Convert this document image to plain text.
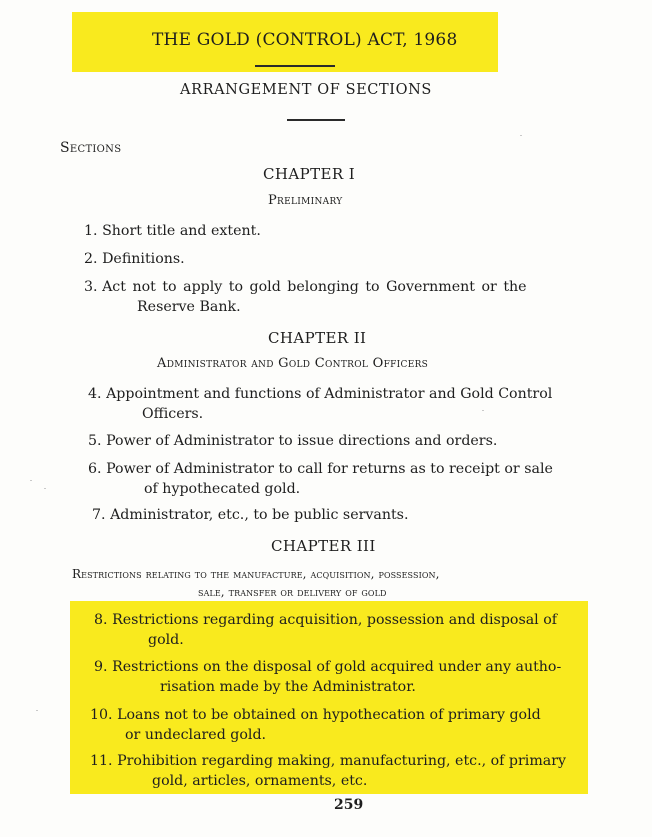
THE GOLD (CONTROL) ACT, 1968
ARRANGEMENT OF SECTIONS
Sections
CHAPTER I
Preliminary
1. Short title and extent.
2. Definitions.
3. Act not to apply to gold belonging to Government or the
Reserve Bank.
CHAPTER II
Administrator and Gold Control Officers
4. Appointment and functions of Administrator and Gold Control
Officers.
5. Power of Administrator to issue directions and orders.
6. Power of Administrator to call for returns as to receipt or sale
of hypothecated gold.
7. Administrator, etc., to be public servants.
CHAPTER III
Restrictions relating to the manufacture, acquisition, possession,
sale, transfer or delivery of gold
8. Restrictions regarding acquisition, possession and disposal of
gold.
9. Restrictions on the disposal of gold acquired under any autho-
risation made by the Administrator.
10. Loans not to be obtained on hypothecation of primary gold
or undeclared gold.
11. Prohibition regarding making, manufacturing, etc., of primary
gold, articles, ornaments, etc.
259
